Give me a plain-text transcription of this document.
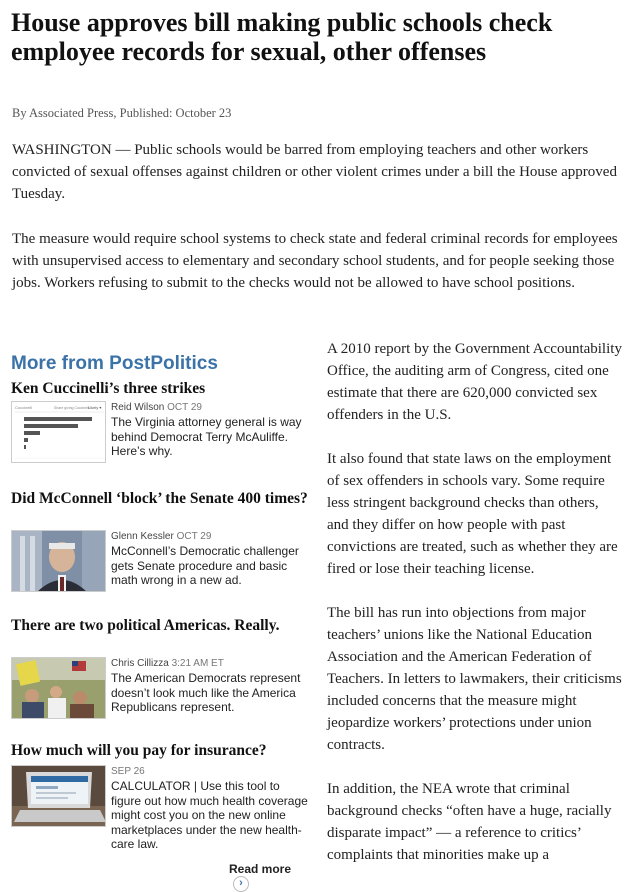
House approves bill making public schools check employee records for sexual, other offenses
By Associated Press, Published: October 23

WASHINGTON — Public schools would be barred from employing teachers and other workers convicted of sexual offenses against children or other violent crimes under a bill the House approved Tuesday.

The measure would require school systems to check state and federal criminal records for employees with unsupervised access to elementary and secondary school students, and for people seeking those jobs. Workers refusing to submit to the checks would not be allowed to have school positions.

More from PostPolitics

Ken Cuccinelli’s three strikes

Cuccinelli	Share giving Cuccinelli
Likely ▾ Reid Wilson OCT 29
The Virginia attorney general is way behind Democrat Terry McAuliffe. Here’s why.

Did McConnell ‘block’ the Senate 400 times?

Glenn Kessler OCT 29
McConnell’s Democratic challenger gets Senate procedure and basic math wrong in a new ad.

There are two political Americas. Really.

Chris Cillizza 3:21 AM ET
The American Democrats represent doesn’t look much like the America Republicans represent.

How much will you pay for insurance?

SEP 26
CALCULATOR | Use this tool to figure out how much health coverage might cost you on the new online marketplaces under the new health-care law.
Read more›

A 2010 report by the Government Accountability Office, the auditing arm of Congress, cited one estimate that there are 620,000 convicted sex offenders in the U.S.

It also found that state laws on the employment of sex offenders in schools vary. Some require less stringent background checks than others, and they differ on how people with past convictions are treated, such as whether they are fired or lose their teaching license.

The bill has run into objections from major teachers’ unions like the National Education Association and the American Federation of Teachers. In letters to lawmakers, their criticisms included concerns that the measure might jeopardize workers’ protections under union contracts.

In addition, the NEA wrote that criminal background checks “often have a huge, racially disparate impact” — a reference to critics’ complaints that minorities make up a
